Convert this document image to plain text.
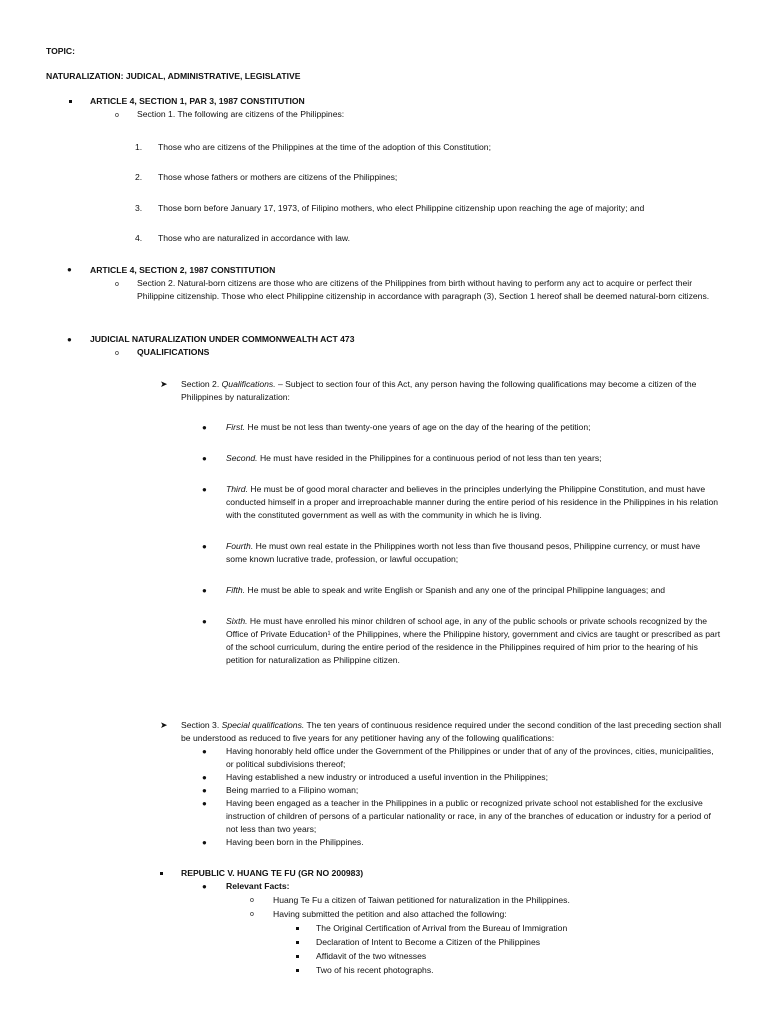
TOPIC:
NATURALIZATION: JUDICAL, ADMINISTRATIVE, LEGISLATIVE
ARTICLE 4, SECTION 1, PAR 3, 1987 CONSTITUTION
o Section 1. The following are citizens of the Philippines:
1. Those who are citizens of the Philippines at the time of the adoption of this Constitution;
2. Those whose fathers or mothers are citizens of the Philippines;
3. Those born before January 17, 1973, of Filipino mothers, who elect Philippine citizenship upon reaching the age of majority; and
4. Those who are naturalized in accordance with law.
● ARTICLE 4, SECTION 2, 1987 CONSTITUTION
o Section 2. Natural-born citizens are those who are citizens of the Philippines from birth without having to perform any act to acquire or perfect their Philippine citizenship. Those who elect Philippine citizenship in accordance with paragraph (3), Section 1 hereof shall be deemed natural-born citizens.
● JUDICIAL NATURALIZATION UNDER COMMONWEALTH ACT 473
o QUALIFICATIONS
➤ Section 2. Qualifications. – Subject to section four of this Act, any person having the following qualifications may become a citizen of the Philippines by naturalization:
● First. He must be not less than twenty-one years of age on the day of the hearing of the petition;
● Second. He must have resided in the Philippines for a continuous period of not less than ten years;
● Third. He must be of good moral character and believes in the principles underlying the Philippine Constitution, and must have conducted himself in a proper and irreproachable manner during the entire period of his residence in the Philippines in his relation with the constituted government as well as with the community in which he is living.
● Fourth. He must own real estate in the Philippines worth not less than five thousand pesos, Philippine currency, or must have some known lucrative trade, profession, or lawful occupation;
● Fifth. He must be able to speak and write English or Spanish and any one of the principal Philippine languages; and
● Sixth. He must have enrolled his minor children of school age, in any of the public schools or private schools recognized by the Office of Private Education¹ of the Philippines, where the Philippine history, government and civics are taught or prescribed as part of the school curriculum, during the entire period of the residence in the Philippines required of him prior to the hearing of his petition for naturalization as Philippine citizen.
➤ Section 3. Special qualifications. The ten years of continuous residence required under the second condition of the last preceding section shall be understood as reduced to five years for any petitioner having any of the following qualifications:
● Having honorably held office under the Government of the Philippines or under that of any of the provinces, cities, municipalities, or political subdivisions thereof;
● Having established a new industry or introduced a useful invention in the Philippines;
● Being married to a Filipino woman;
● Having been engaged as a teacher in the Philippines in a public or recognized private school not established for the exclusive instruction of children of persons of a particular nationality or race, in any of the branches of education or industry for a period of not less than two years;
● Having been born in the Philippines.
REPUBLIC V. HUANG TE FU (GR NO 200983)
● Relevant Facts:
o Huang Te Fu a citizen of Taiwan petitioned for naturalization in the Philippines.
o Having submitted the petition and also attached the following:
The Original Certification of Arrival from the Bureau of Immigration
Declaration of Intent to Become a Citizen of the Philippines
Affidavit of the two witnesses
Two of his recent photographs.
